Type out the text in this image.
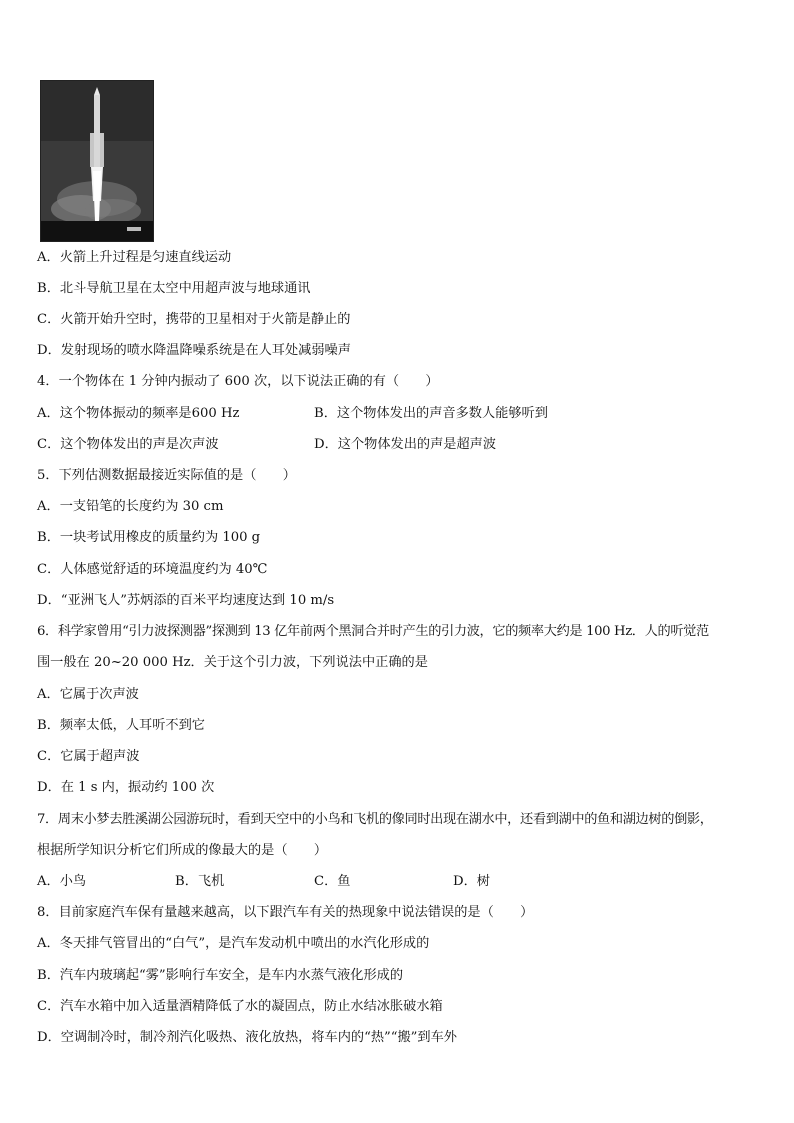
A．火箭上升过程是匀速直线运动
B．北斗导航卫星在太空中用超声波与地球通讯
C．火箭开始升空时，携带的卫星相对于火箭是静止的
D．发射现场的喷水降温降噪系统是在人耳处减弱噪声
4．一个物体在 1 分钟内振动了 600 次，以下说法正确的有（　　）
A．这个物体振动的频率是600 Hz	B．这个物体发出的声音多数人能够听到
C．这个物体发出的声是次声波	D．这个物体发出的声是超声波
5．下列估测数据最接近实际值的是（　　）
A．一支铅笔的长度约为 30 cm
B．一块考试用橡皮的质量约为 100 g
C．人体感觉舒适的环境温度约为 40℃
D．“亚洲飞人”苏炳添的百米平均速度达到 10 m/s
6．科学家曾用“引力波探测器”探测到 13 亿年前两个黑洞合并时产生的引力波，它的频率大约是 100 Hz．人的听觉范
围一般在 20~20 000 Hz．关于这个引力波，下列说法中正确的是
A．它属于次声波
B．频率太低，人耳听不到它
C．它属于超声波
D．在 1 s 内，振动约 100 次
7．周末小梦去胜溪湖公园游玩时，看到天空中的小鸟和飞机的像同时出现在湖水中，还看到湖中的鱼和湖边树的倒影，
根据所学知识分析它们所成的像最大的是（　　）
A．小鸟	B．飞机	C．鱼	D．树
8．目前家庭汽车保有量越来越高，以下跟汽车有关的热现象中说法错误的是（　　）
A．冬天排气管冒出的“白气”，是汽车发动机中喷出的水汽化形成的
B．汽车内玻璃起“雾”影响行车安全，是车内水蒸气液化形成的
C．汽车水箱中加入适量酒精降低了水的凝固点，防止水结冰胀破水箱
D．空调制冷时，制冷剂汽化吸热、液化放热，将车内的“热”“搬”到车外
